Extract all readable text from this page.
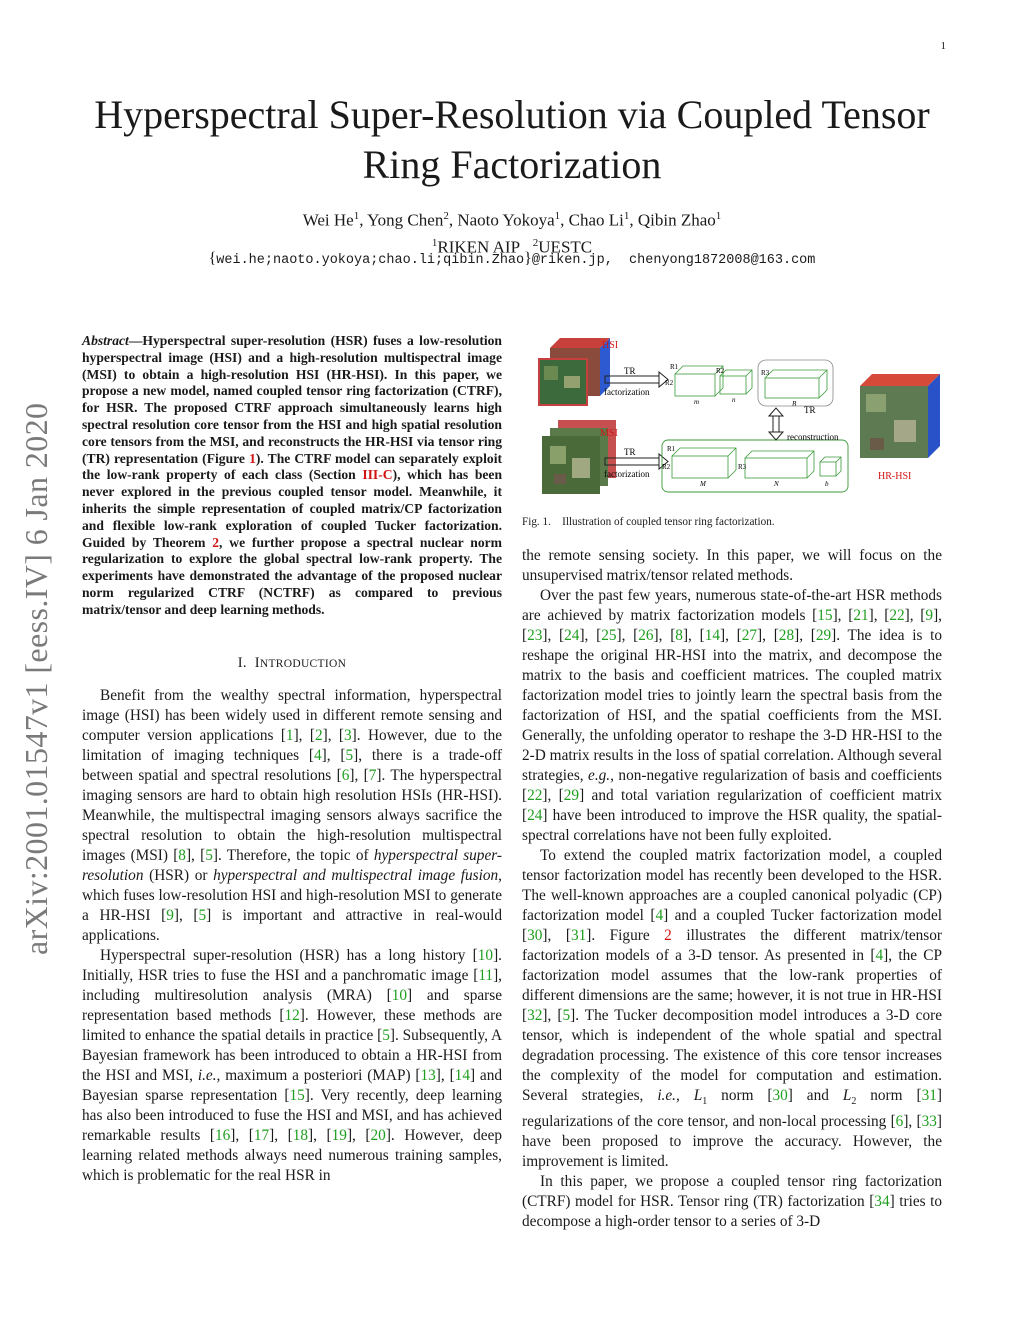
1
arXiv:2001.01547v1 [eess.IV] 6 Jan 2020
Hyperspectral Super-Resolution via Coupled Tensor Ring Factorization
Wei He$^1$, Yong Chen$^2$, Naoto Yokoya$^1$, Chao Li$^1$, Qibin Zhao$^1$
$^1$RIKEN AIP $^2$UESTC
{wei.he;naoto.yokoya;chao.li;qibin.Zhao}@riken.jp, chenyong1872008@163.com
Abstract—Hyperspectral super-resolution (HSR) fuses a low-resolution hyperspectral image (HSI) and a high-resolution multispectral image (MSI) to obtain a high-resolution HSI (HR-HSI). In this paper, we propose a new model, named coupled tensor ring factorization (CTRF), for HSR. The proposed CTRF approach simultaneously learns high spectral resolution core tensor from the HSI and high spatial resolution core tensors from the MSI, and reconstructs the HR-HSI via tensor ring (TR) representation (Figure 1). The CTRF model can separately exploit the low-rank property of each class (Section III-C), which has been never explored in the previous coupled tensor model. Meanwhile, it inherits the simple representation of coupled matrix/CP factorization and flexible low-rank exploration of coupled Tucker factorization. Guided by Theorem 2, we further propose a spectral nuclear norm regularization to explore the global spectral low-rank property. The experiments have demonstrated the advantage of the proposed nuclear norm regularized CTRF (NCTRF) as compared to previous matrix/tensor and deep learning methods.
I. INTRODUCTION

Benefit from the wealthy spectral information, hyperspectral image (HSI) has been widely used in different remote sensing and computer version applications [1], [2], [3]. However, due to the limitation of imaging techniques [4], [5], there is a trade-off between spatial and spectral resolutions [6], [7]. The hyperspectral imaging sensors are hard to obtain high resolution HSIs (HR-HSI). Meanwhile, the multispectral imaging sensors always sacrifice the spectral resolution to obtain the high-resolution multispectral images (MSI) [8], [5]. Therefore, the topic of hyperspectral super-resolution (HSR) or hyperspectral and multispectral image fusion, which fuses low-resolution HSI and high-resolution MSI to generate a HR-HSI [9], [5] is important and attractive in real-would applications.

Hyperspectral super-resolution (HSR) has a long history [10]. Initially, HSR tries to fuse the HSI and a panchromatic image [11], including multiresolution analysis (MRA) [10] and sparse representation based methods [12]. However, these methods are limited to enhance the spatial details in practice [5]. Subsequently, A Bayesian framework has been introduced to obtain a HR-HSI from the HSI and MSI, i.e., maximum a posteriori (MAP) [13], [14] and Bayesian sparse representation [15]. Very recently, deep learning has also been introduced to fuse the HSI and MSI, and has achieved remarkable results [16], [17], [18], [19], [20]. However, deep learning related methods always need numerous training samples, which is problematic for the real HSR in

HSI
TR
factorization
R1
R2
R2	R3
m	n	B
MSI
TR
factorization
R1
R2	R3
M	N	b
TR
reconstruction
HR-HSI
Fig. 1. Illustration of coupled tensor ring factorization.

the remote sensing society. In this paper, we will focus on the unsupervised matrix/tensor related methods.

Over the past few years, numerous state-of-the-art HSR methods are achieved by matrix factorization models [15], [21], [22], [9], [23], [24], [25], [26], [8], [14], [27], [28], [29]. The idea is to reshape the original HR-HSI into the matrix, and decompose the matrix to the basis and coefficient matrices. The coupled matrix factorization model tries to jointly learn the spectral basis from the factorization of HSI, and the spatial coefficients from the MSI. Generally, the unfolding operator to reshape the 3-D HR-HSI to the 2-D matrix results in the loss of spatial correlation. Although several strategies, e.g., non-negative regularization of basis and coefficients [22], [29] and total variation regularization of coefficient matrix [24] have been introduced to improve the HSR quality, the spatial-spectral correlations have not been fully exploited.

To extend the coupled matrix factorization model, a coupled tensor factorization model has recently been developed to the HSR. The well-known approaches are a coupled canonical polyadic (CP) factorization model [4] and a coupled Tucker factorization model [30], [31]. Figure 2 illustrates the different matrix/tensor factorization models of a 3-D tensor. As presented in [4], the CP factorization model assumes that the low-rank properties of different dimensions are the same; however, it is not true in HR-HSI [32], [5]. The Tucker decomposition model introduces a 3-D core tensor, which is independent of the whole spatial and spectral degradation processing. The existence of this core tensor increases the complexity of the model for computation and estimation. Several strategies, i.e., $L_1$ norm [30] and $L_2$ norm [31] regularizations of the core tensor, and non-local processing [6], [33] have been proposed to improve the accuracy. However, the improvement is limited.

In this paper, we propose a coupled tensor ring factorization (CTRF) model for HSR. Tensor ring (TR) factorization [34] tries to decompose a high-order tensor to a series of 3-D
